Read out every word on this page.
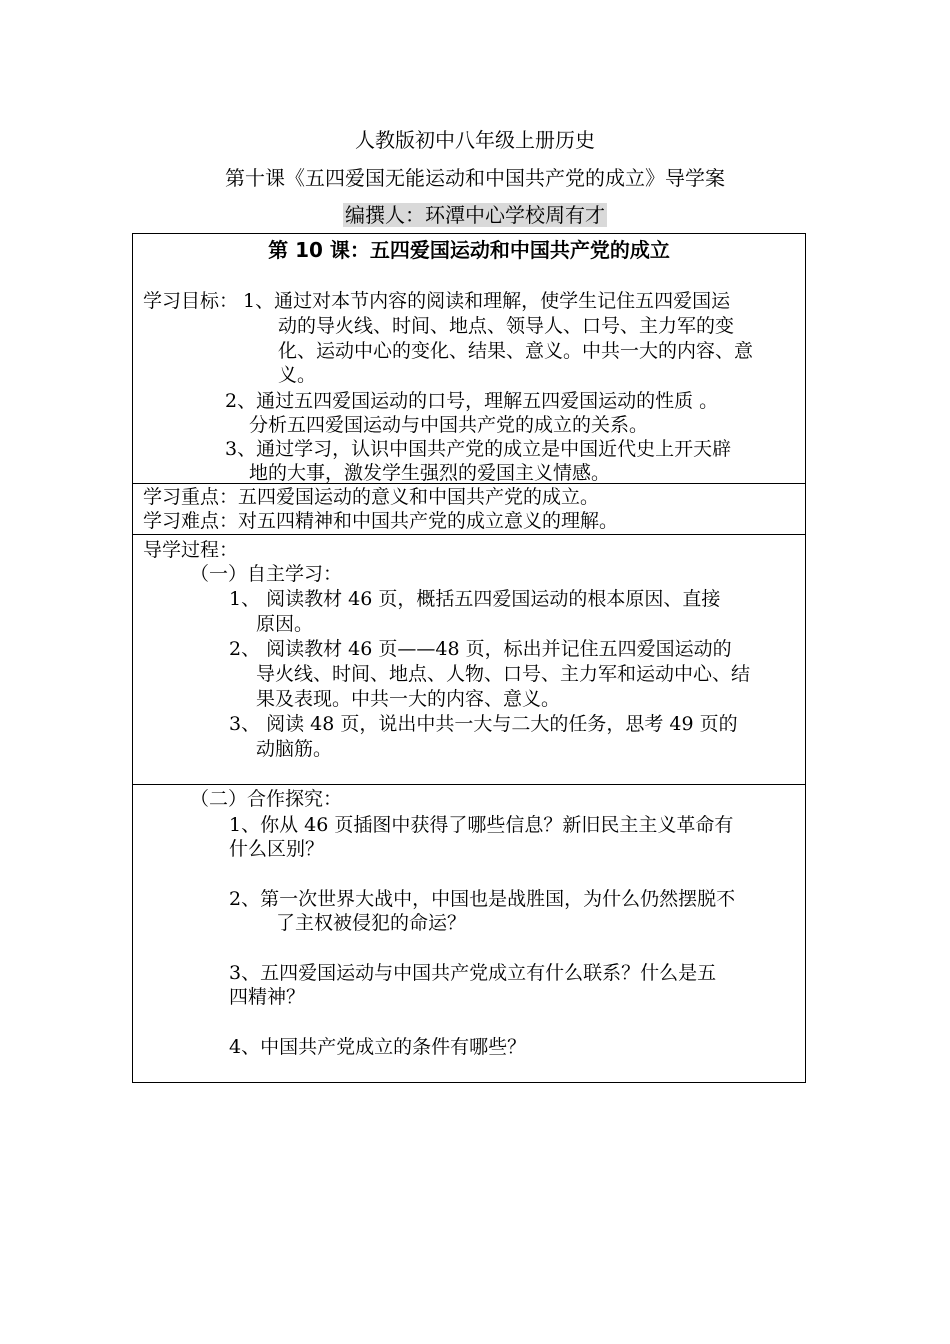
人教版初中八年级上册历史
第十课《五四爱国无能运动和中国共产党的成立》导学案
编撰人：环潭中心学校周有才
第 10 课：五四爱国运动和中国共产党的成立
学习目标： 1、通过对本节内容的阅读和理解，使学生记住五四爱国运
动的导火线、时间、地点、领导人、口号、主力军的变
化、运动中心的变化、结果、意义。中共一大的内容、意
义。
2、通过五四爱国运动的口号，理解五四爱国运动的性质 。
分析五四爱国运动与中国共产党的成立的关系。
3、通过学习，认识中国共产党的成立是中国近代史上开天辟
地的大事，激发学生强烈的爱国主义情感。
学习重点：五四爱国运动的意义和中国共产党的成立。
学习难点：对五四精神和中国共产党的成立意义的理解。
导学过程：
（一）自主学习：
1、 阅读教材 46 页，概括五四爱国运动的根本原因、直接
原因。
2、 阅读教材 46 页——48 页，标出并记住五四爱国运动的
导火线、时间、地点、人物、口号、主力军和运动中心、结
果及表现。中共一大的内容、意义。
3、 阅读 48 页，说出中共一大与二大的任务，思考 49 页的
动脑筋。
（二）合作探究：
1、你从 46 页插图中获得了哪些信息？新旧民主主义革命有
什么区别？
2、第一次世界大战中，中国也是战胜国，为什么仍然摆脱不
了主权被侵犯的命运？
3、五四爱国运动与中国共产党成立有什么联系？什么是五
四精神？
4、中国共产党成立的条件有哪些？
